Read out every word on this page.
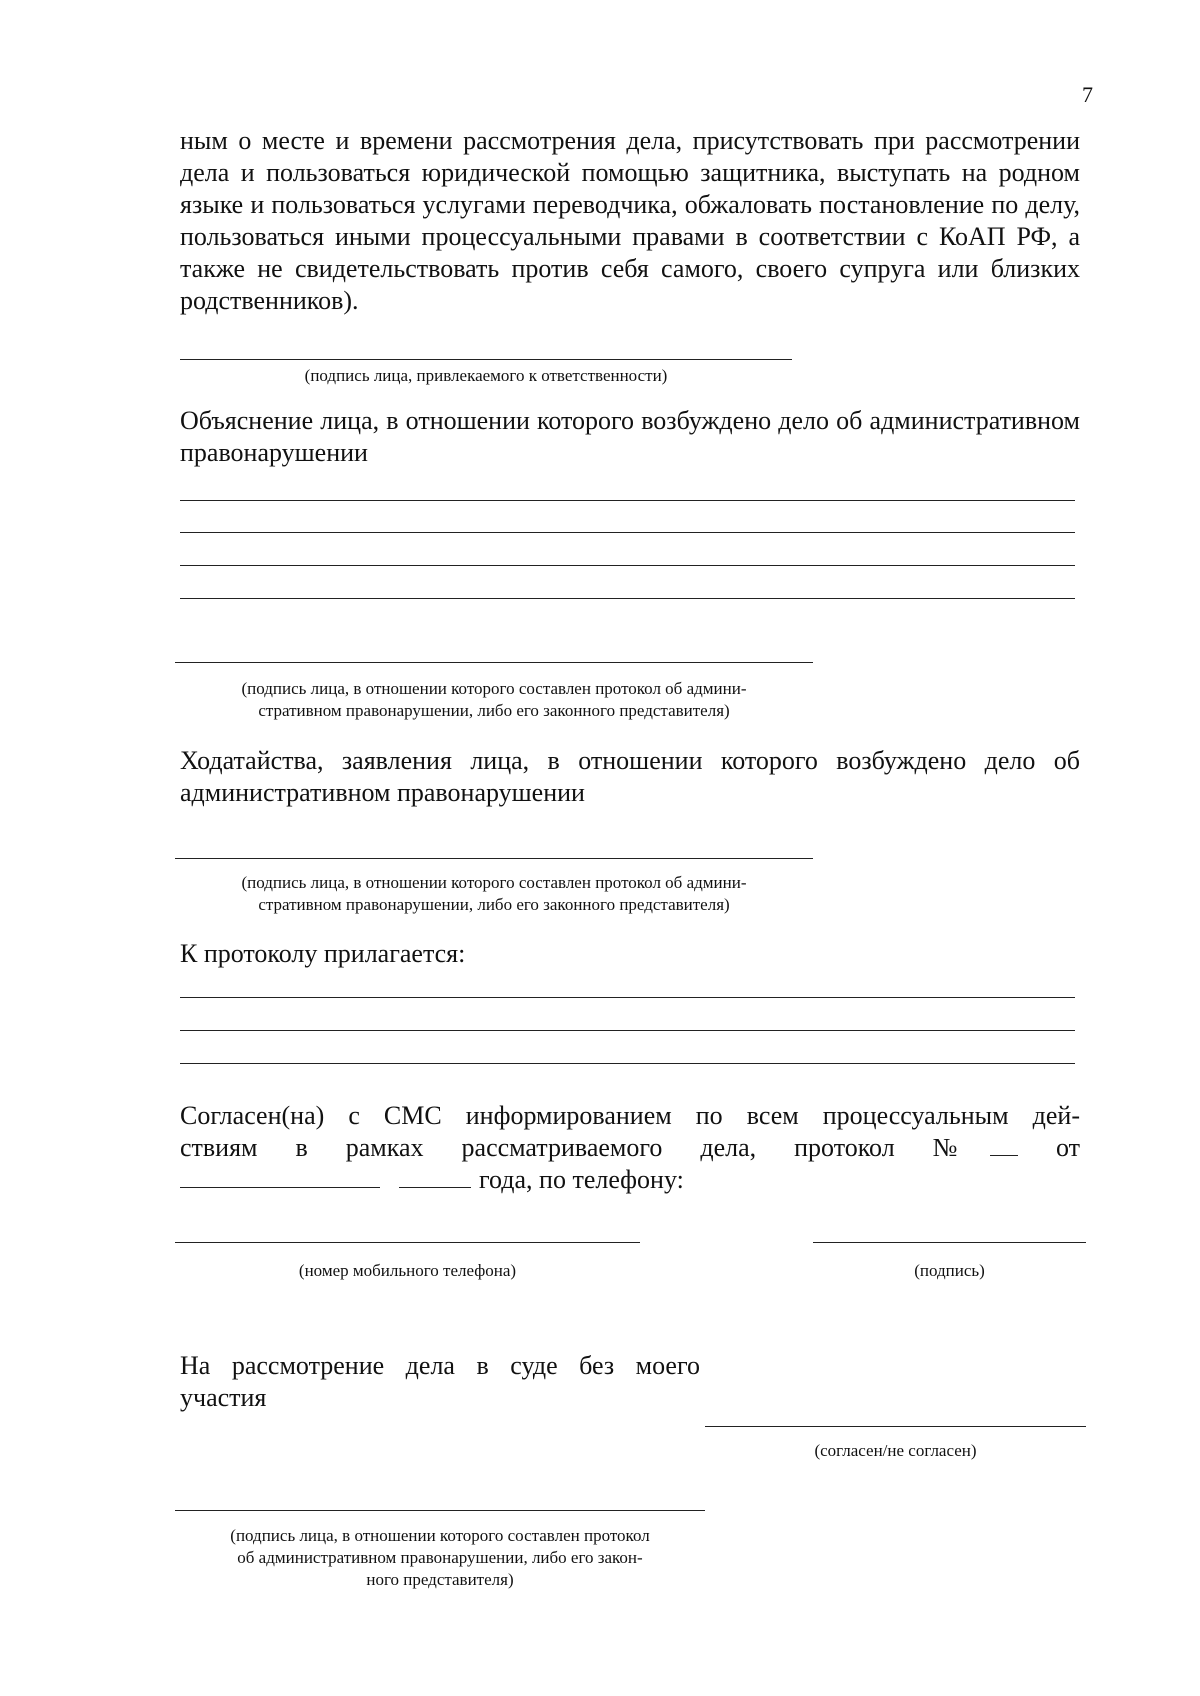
7
ным о месте и времени рассмотрения дела, присутствовать при рассмотрении дела и пользоваться юридической помощью защитника, выступать на родном языке и пользоваться услугами переводчика, обжаловать постановление по делу, пользоваться иными процессуальными правами в соответствии с КоАП РФ, а также не свидетельствовать против себя самого, своего супруга или близких родственников).
(подпись лица, привлекаемого к ответственности)
Объяснение лица, в отношении которого возбуждено дело об административном правонарушении
(подпись лица, в отношении которого составлен протокол об админи-
стративном правонарушении, либо его законного представителя)
Ходатайства, заявления лица, в отношении которого возбуждено дело об административном правонарушении
(подпись лица, в отношении которого составлен протокол об админи-
стративном правонарушении, либо его законного представителя)
К протоколу прилагается:
Согласен(на) с СМС информированием по всем процессуальным дей-
ствиям в рамках рассматриваемого дела, протокол №	от
года, по телефону:
(номер мобильного телефона)	(подпись)
На рассмотрение дела в суде без моего
участия
(согласен/не согласен)
(подпись лица, в отношении которого составлен протокол
об административном правонарушении, либо его закон-
ного представителя)
